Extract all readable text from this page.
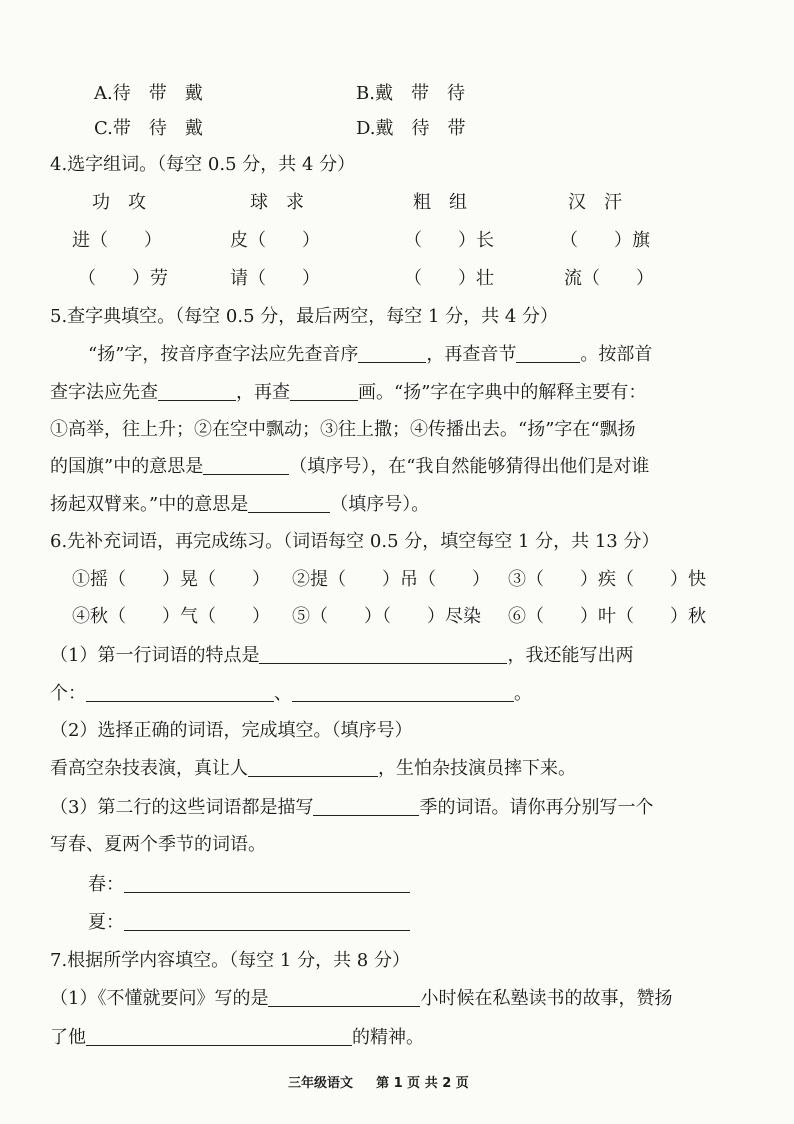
A.待　带　戴	B.戴　带　待
C.带　待　戴	D.戴　待　带
4.选字组词。（每空 0.5 分，共 4 分）
功　攻	球　求	粗　组	汉　汗
进（　　）	皮（　　）	（　　）长	（　　）旗
（　　）劳	请（　　）	（　　）壮	流（　　）
5.查字典填空。（每空 0.5 分，最后两空，每空 1 分，共 4 分）
“扬”字，按音序查字法应先查音序	，再查音节	。按部首
查字法应先查	，再查	画。“扬”字在字典中的解释主要有：
①高举，往上升；②在空中飘动；③往上撒；④传播出去。“扬”字在“飘扬
的国旗”中的意思是	（填序号），在“我自然能够猜得出他们是对谁
扬起双臂来。”中的意思是	（填序号）。
6.先补充词语，再完成练习。（词语每空 0.5 分，填空每空 1 分，共 13 分）
①摇（　　）晃（　　） ②提（　　）吊（　　） ③（　　）疾（　　）快
④秋（　　）气（　　） ⑤（　　）（　　）尽染 ⑥（　　）叶（　　）秋
（1）第一行词语的特点是	，我还能写出两
个：	、	。
（2）选择正确的词语，完成填空。（填序号）
看高空杂技表演，真让人	，生怕杂技演员摔下来。
（3）第二行的这些词语都是描写	季的词语。请你再分别写一个
写春、夏两个季节的词语。
春：
夏：
7.根据所学内容填空。（每空 1 分，共 8 分）
（1）《不懂就要问》写的是	小时候在私塾读书的故事，赞扬
了他	的精神。
三年级语文 第 1 页 共 2 页
